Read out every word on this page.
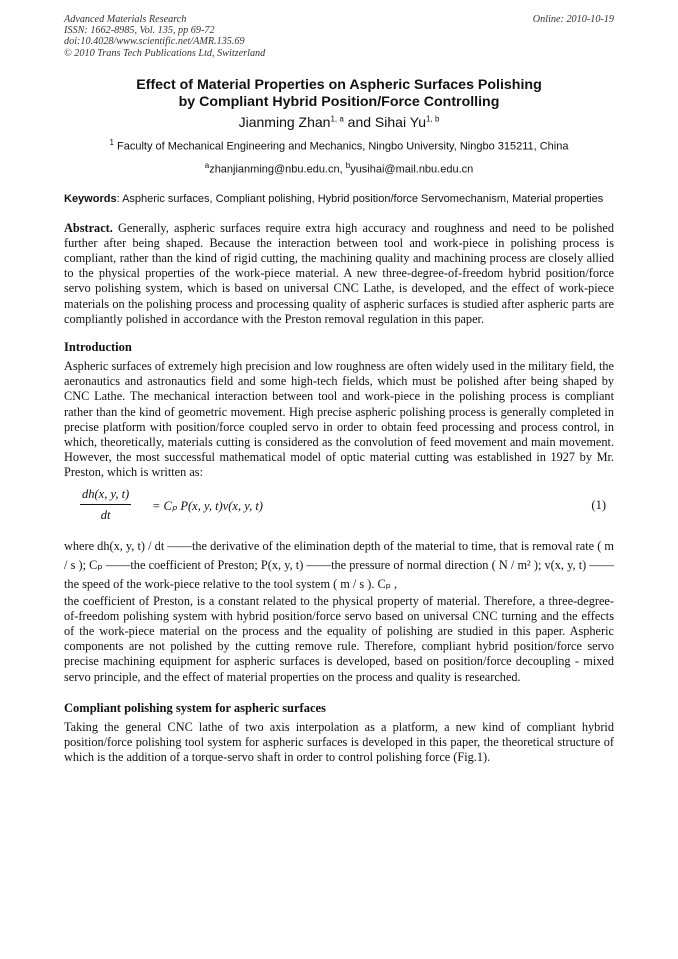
Advanced Materials Research
ISSN: 1662-8985, Vol. 135, pp 69-72
doi:10.4028/www.scientific.net/AMR.135.69
© 2010 Trans Tech Publications Ltd, Switzerland
Online: 2010-10-19
Effect of Material Properties on Aspheric Surfaces Polishing
by Compliant Hybrid Position/Force Controlling
Jianming Zhan$^{1, a}$ and Sihai Yu$^{1, b}$
$^1$ Faculty of Mechanical Engineering and Mechanics, Ningbo University, Ningbo 315211, China
$^a$zhanjianming@nbu.edu.cn, $^b$yusihai@mail.nbu.edu.cn
Keywords: Aspheric surfaces, Compliant polishing, Hybrid position/force Servomechanism, Material properties
Abstract. Generally, aspheric surfaces require extra high accuracy and roughness and need to be polished further after being shaped. Because the interaction between tool and work-piece in polishing process is compliant, rather than the kind of rigid cutting, the machining quality and machining process are closely allied to the physical properties of the work-piece material. A new three-degree-of-freedom hybrid position/force servo polishing system, which is based on universal CNC Lathe, is developed, and the effect of work-piece materials on the polishing process and processing quality of aspheric surfaces is studied after aspheric parts are compliantly polished in accordance with the Preston removal regulation in this paper.
Introduction
Aspheric surfaces of extremely high precision and low roughness are often widely used in the military field, the aeronautics and astronautics field and some high-tech fields, which must be polished after being shaped by CNC Lathe. The mechanical interaction between tool and work-piece in the polishing process is compliant rather than the kind of geometric movement. High precise aspheric polishing process is generally completed in precise platform with position/force coupled servo in order to obtain feed processing and process control, in which, theoretically, materials cutting is considered as the convolution of feed movement and main movement. However, the most successful mathematical model of optic material cutting was established in 1927 by Mr. Preston, which is written as:
$\frac{dh(x, y, t)}{dt} = C_p$ P(x, y, t)v(x, y, t)	(1)
where dh(x, y, t) / dt ——the derivative of the elimination depth of the material to time, that is removal rate ( m / s ); Cₚ ——the coefficient of Preston; P(x, y, t) ——the pressure of normal direction ( N / m² ); v(x, y, t) ——the speed of the work-piece relative to the tool system ( m / s ). Cₚ ,
the coefficient of Preston, is a constant related to the physical property of material. Therefore, a three-degree-of-freedom polishing system with hybrid position/force servo based on universal CNC turning and the effects of the work-piece material on the process and the equality of polishing are studied in this paper. Aspheric components are not polished by the cutting remove rule. Therefore, compliant hybrid position/force servo precise machining equipment for aspheric surfaces is developed, based on position/force decoupling - mixed servo principle, and the effect of material properties on the process and quality is researched.
Compliant polishing system for aspheric surfaces
Taking the general CNC lathe of two axis interpolation as a platform, a new kind of compliant hybrid position/force polishing tool system for aspheric surfaces is developed in this paper, the theoretical structure of which is the addition of a torque-servo shaft in order to control polishing force (Fig.1).
